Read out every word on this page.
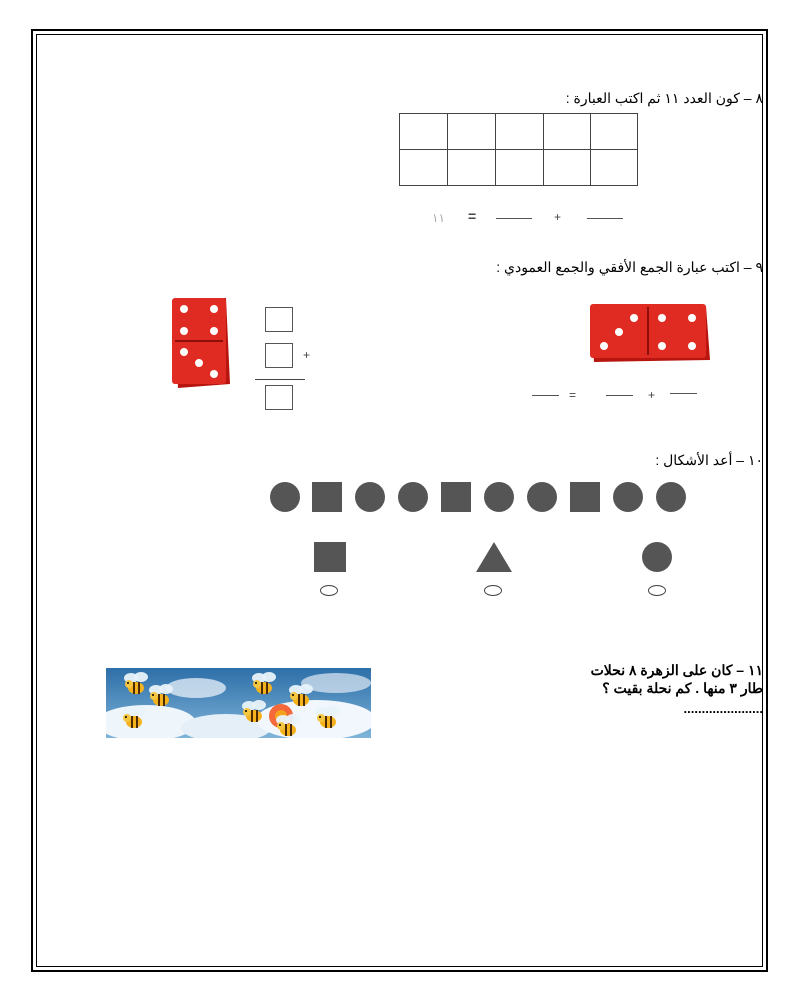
٨ – كون العدد ١١ ثم اكتب العبارة :
١١ =	+
٩ – اكتب عبارة الجمع الأفقي والجمع العمودي :
+
=	+
١٠ – أعد الأشكال :
١١ – كان على الزهرة ٨ نحلات
طار ٣ منها . كم نحلة بقيت ؟
......................
